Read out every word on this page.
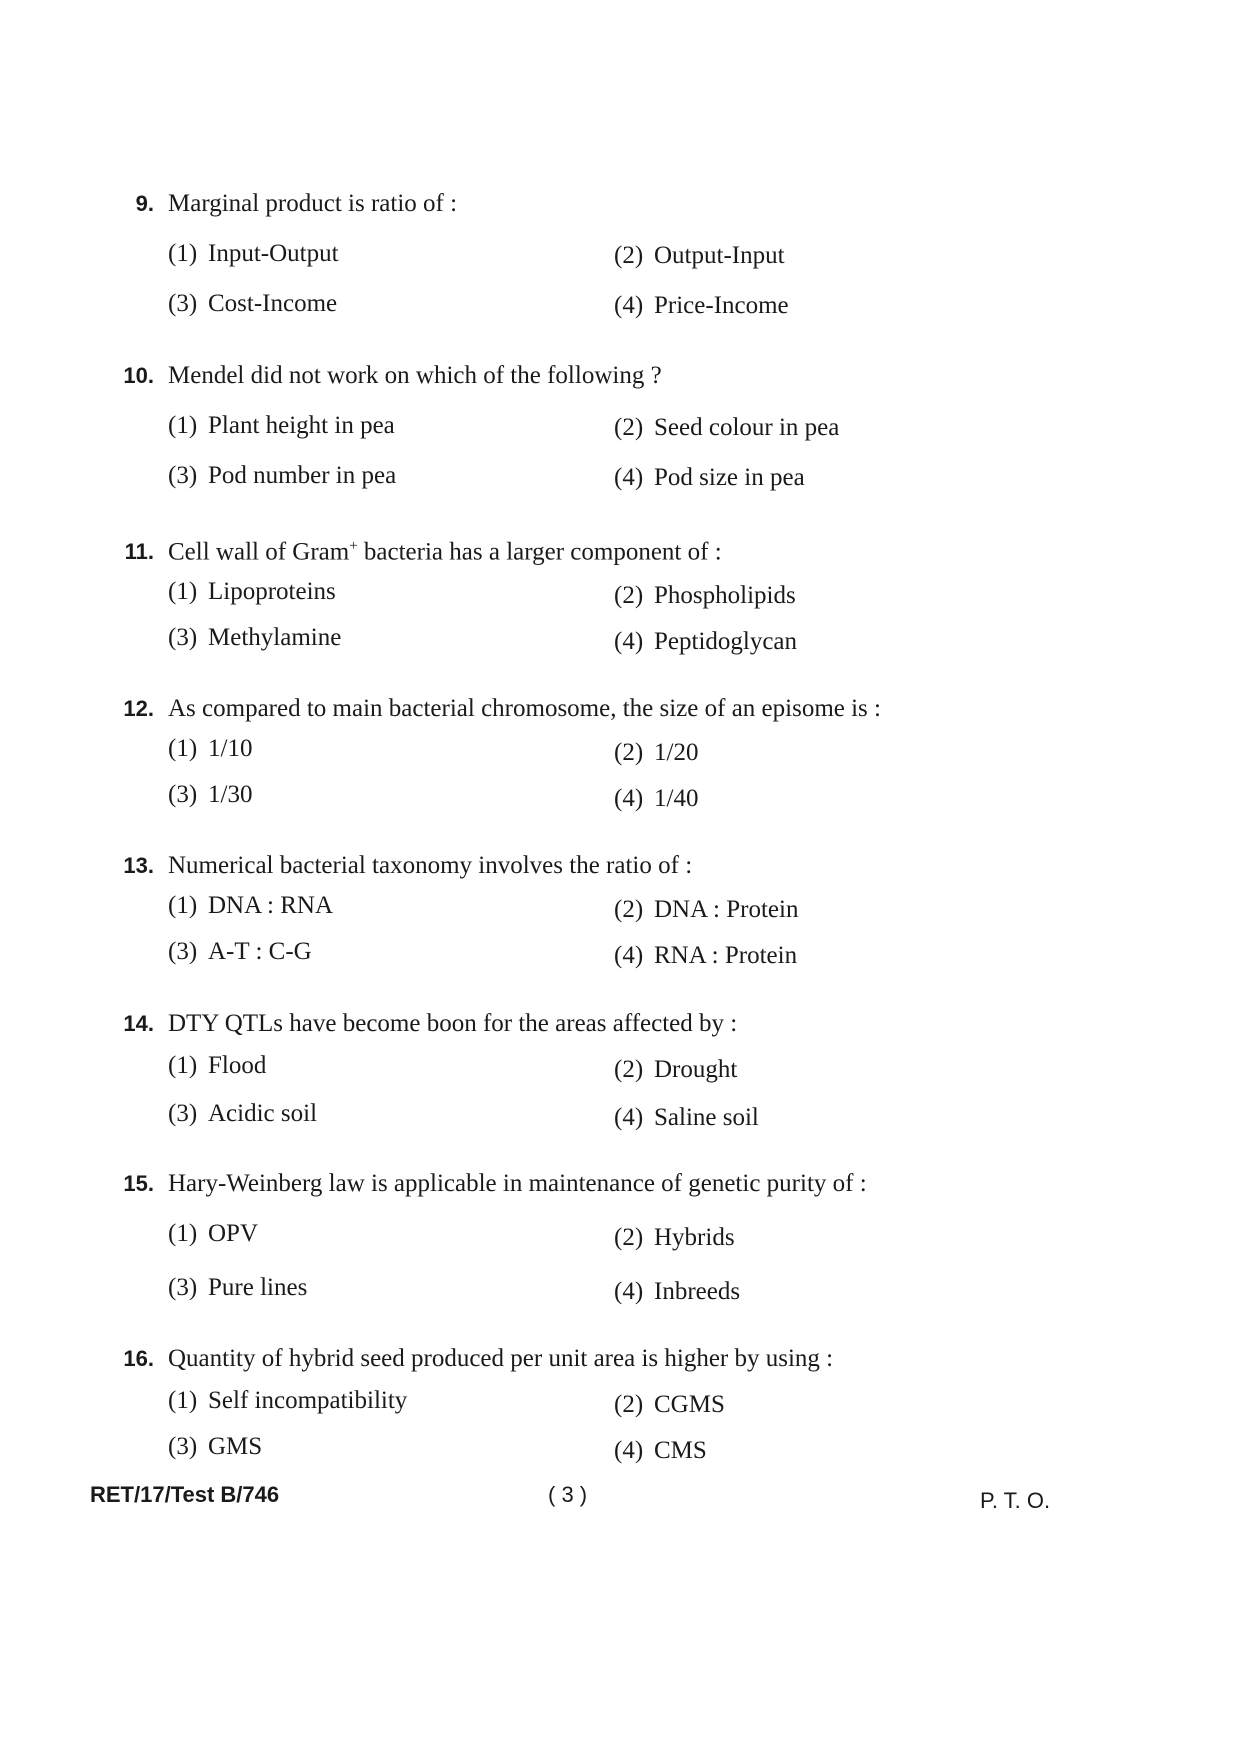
9. Marginal product is ratio of :
(1) Input-Output	(2) Output-Input
(3) Cost-Income	(4) Price-Income
10. Mendel did not work on which of the following ?
(1) Plant height in pea	(2) Seed colour in pea
(3) Pod number in pea	(4) Pod size in pea
11. Cell wall of Gram+ bacteria has a larger component of :
(1) Lipoproteins	(2) Phospholipids
(3) Methylamine	(4) Peptidoglycan
12. As compared to main bacterial chromosome, the size of an episome is :
(1) 1/10	(2) 1/20
(3) 1/30	(4) 1/40
13. Numerical bacterial taxonomy involves the ratio of :
(1) DNA : RNA	(2) DNA : Protein
(3) A-T : C-G	(4) RNA : Protein
14. DTY QTLs have become boon for the areas affected by :
(1) Flood	(2) Drought
(3) Acidic soil	(4) Saline soil
15. Hary-Weinberg law is applicable in maintenance of genetic purity of :
(1) OPV	(2) Hybrids
(3) Pure lines	(4) Inbreeds
16. Quantity of hybrid seed produced per unit area is higher by using :
(1) Self incompatibility	(2) CGMS
(3) GMS	(4) CMS
RET/17/Test B/746	( 3 )	P. T. O.
